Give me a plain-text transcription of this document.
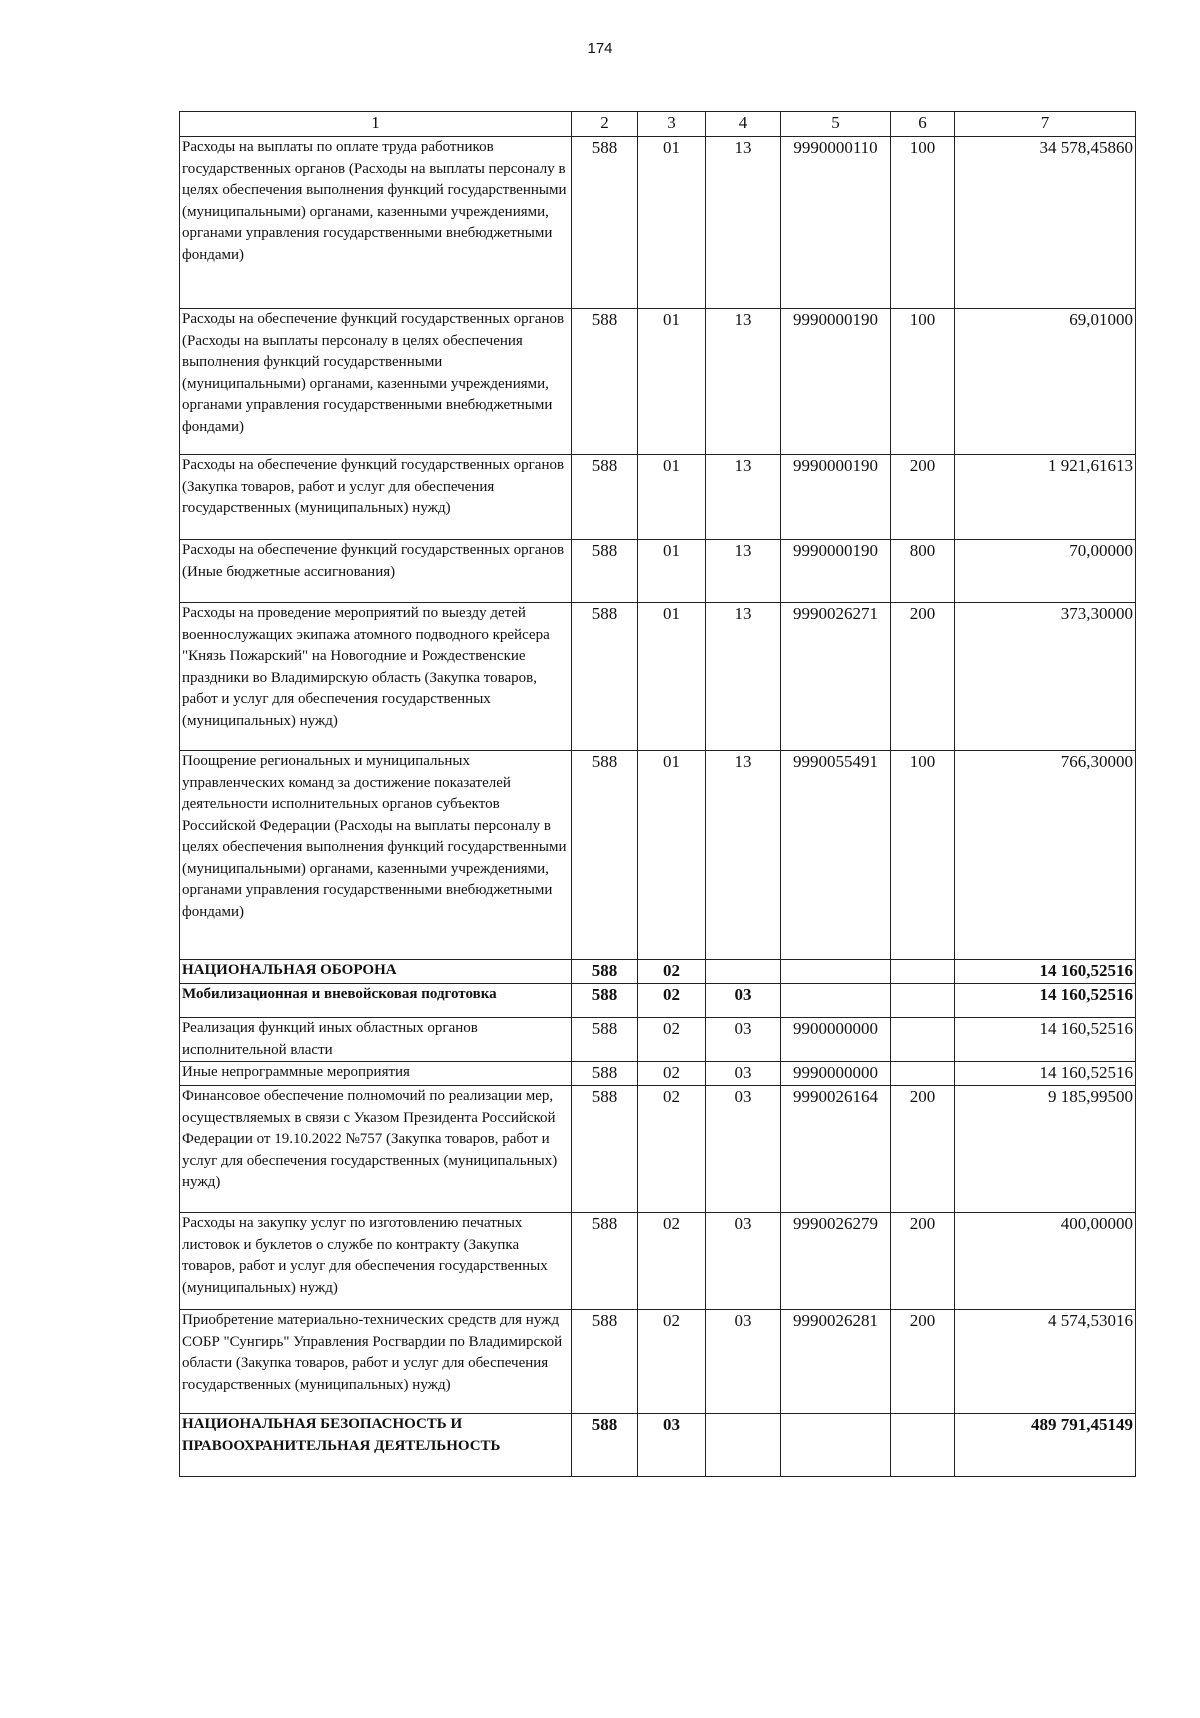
174
1	2	3	4	5	6	7
Расходы на выплаты по оплате труда работников государственных органов (Расходы на выплаты персоналу в целях обеспечения выполнения функций государственными (муниципальными) органами, казенными учреждениями, органами управления государственными внебюджетными фондами)	588	01	13	9990000110	100	34 578,45860
Расходы на обеспечение функций государственных органов (Расходы на выплаты персоналу в целях обеспечения выполнения функций государственными (муниципальными) органами, казенными учреждениями, органами управления государственными внебюджетными фондами)	588	01	13	9990000190	100	69,01000
Расходы на обеспечение функций государственных органов (Закупка товаров, работ и услуг для обеспечения государственных (муниципальных) нужд)	588	01	13	9990000190	200	1 921,61613
Расходы на обеспечение функций государственных органов (Иные бюджетные ассигнования)	588	01	13	9990000190	800	70,00000
Расходы на проведение мероприятий по выезду детей военнослужащих экипажа атомного подводного крейсера "Князь Пожарский" на Новогодние и Рождественские праздники во Владимирскую область (Закупка товаров, работ и услуг для обеспечения государственных (муниципальных) нужд)	588	01	13	9990026271	200	373,30000
Поощрение региональных и муниципальных управленческих команд за достижение показателей деятельности исполнительных органов субъектов Российской Федерации (Расходы на выплаты персоналу в целях обеспечения выполнения функций государственными (муниципальными) органами, казенными учреждениями, органами управления государственными внебюджетными фондами)	588	01	13	9990055491	100	766,30000
НАЦИОНАЛЬНАЯ ОБОРОНА	588	02				14 160,52516
Мобилизационная и вневойсковая подготовка	588	02	03			14 160,52516
Реализация функций иных областных органов исполнительной власти	588	02	03	9900000000		14 160,52516
Иные непрограммные мероприятия	588	02	03	9990000000		14 160,52516
Финансовое обеспечение полномочий по реализации мер, осуществляемых в связи с Указом Президента Российской Федерации от 19.10.2022 №757 (Закупка товаров, работ и услуг для обеспечения государственных (муниципальных) нужд)	588	02	03	9990026164	200	9 185,99500
Расходы на закупку услуг по изготовлению печатных листовок и буклетов о службе по контракту (Закупка товаров, работ и услуг для обеспечения государственных (муниципальных) нужд)	588	02	03	9990026279	200	400,00000
Приобретение материально-технических средств для нужд СОБР "Сунгирь" Управления Росгвардии по Владимирской области (Закупка товаров, работ и услуг для обеспечения государственных (муниципальных) нужд)	588	02	03	9990026281	200	4 574,53016
НАЦИОНАЛЬНАЯ БЕЗОПАСНОСТЬ И ПРАВООХРАНИТЕЛЬНАЯ ДЕЯТЕЛЬНОСТЬ	588	03				489 791,45149
